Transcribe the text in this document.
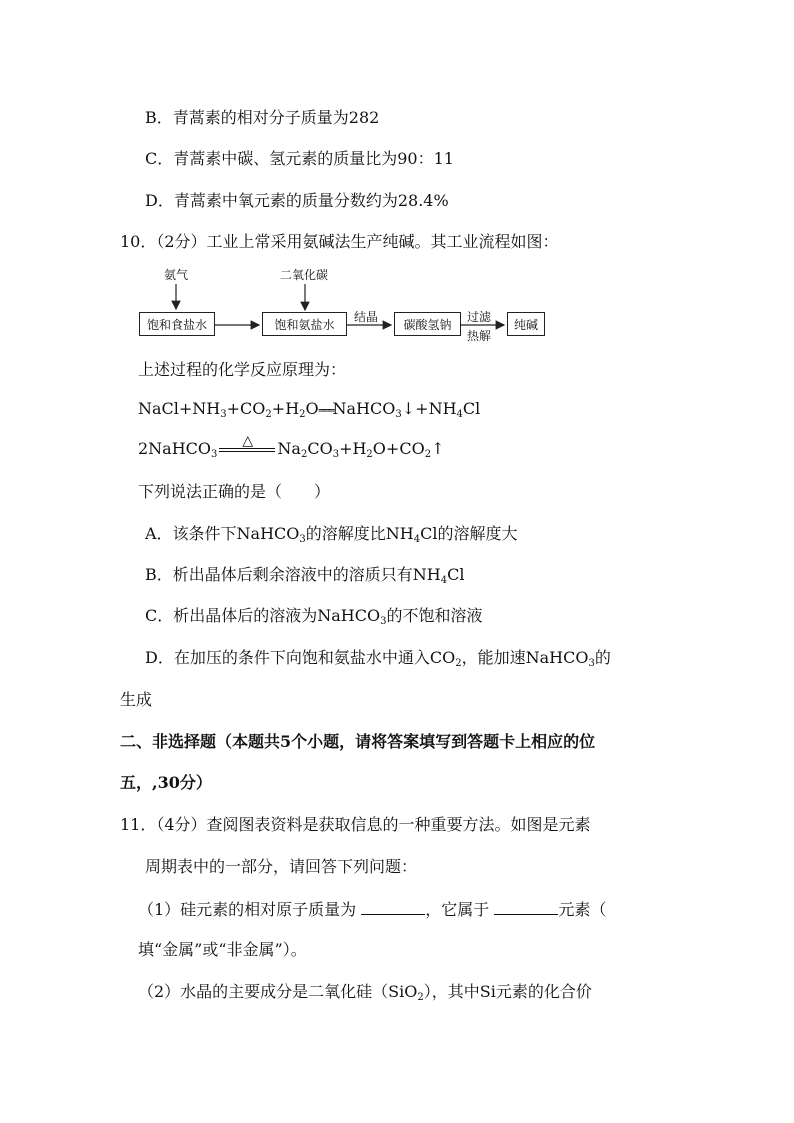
B．青蒿素的相对分子质量为282
C．青蒿素中碳、氢元素的质量比为90：11
D．青蒿素中氧元素的质量分数约为28.4%
10．（2分）工业上常采用氨碱法生产纯碱。其工业流程如图：
氨气	二氧化碳
饱和食盐水	饱和氨盐水
结晶
碳酸氢钠
过滤
热解
纯碱
上述过程的化学反应原理为：
$NaCl+NH_3+CO_2+H_2O═══NaHCO_3↓+NH_4Cl$
2NaHCO$_3$
△ $Na_2CO_3+H_2O+CO_2↑$
下列说法正确的是（　　）
A．该条件下NaHCO$_3$的溶解度比$NH_4Cl$的溶解度大
B．析出晶体后剩余溶液中的溶质只有$NH_4Cl$
C．析出晶体后的溶液为NaHCO$_3$的不饱和溶液
D．在加压的条件下向饱和氨盐水中通入$CO_2$，能加速NaHCO$_3$的
生成
二、非选择题（本题共5个小题，请将答案填写到答题卡上相应的位
五，,30分）
11．（4分）查阅图表资料是获取信息的一种重要方法。如图是元素
周期表中的一部分，请回答下列问题：
（1）硅元素的相对原子质量为	，它属于	元素（
填“金属”或“非金属”）。
（2）水晶的主要成分是二氧化硅（SiO$_2$），其中Si元素的化合价
